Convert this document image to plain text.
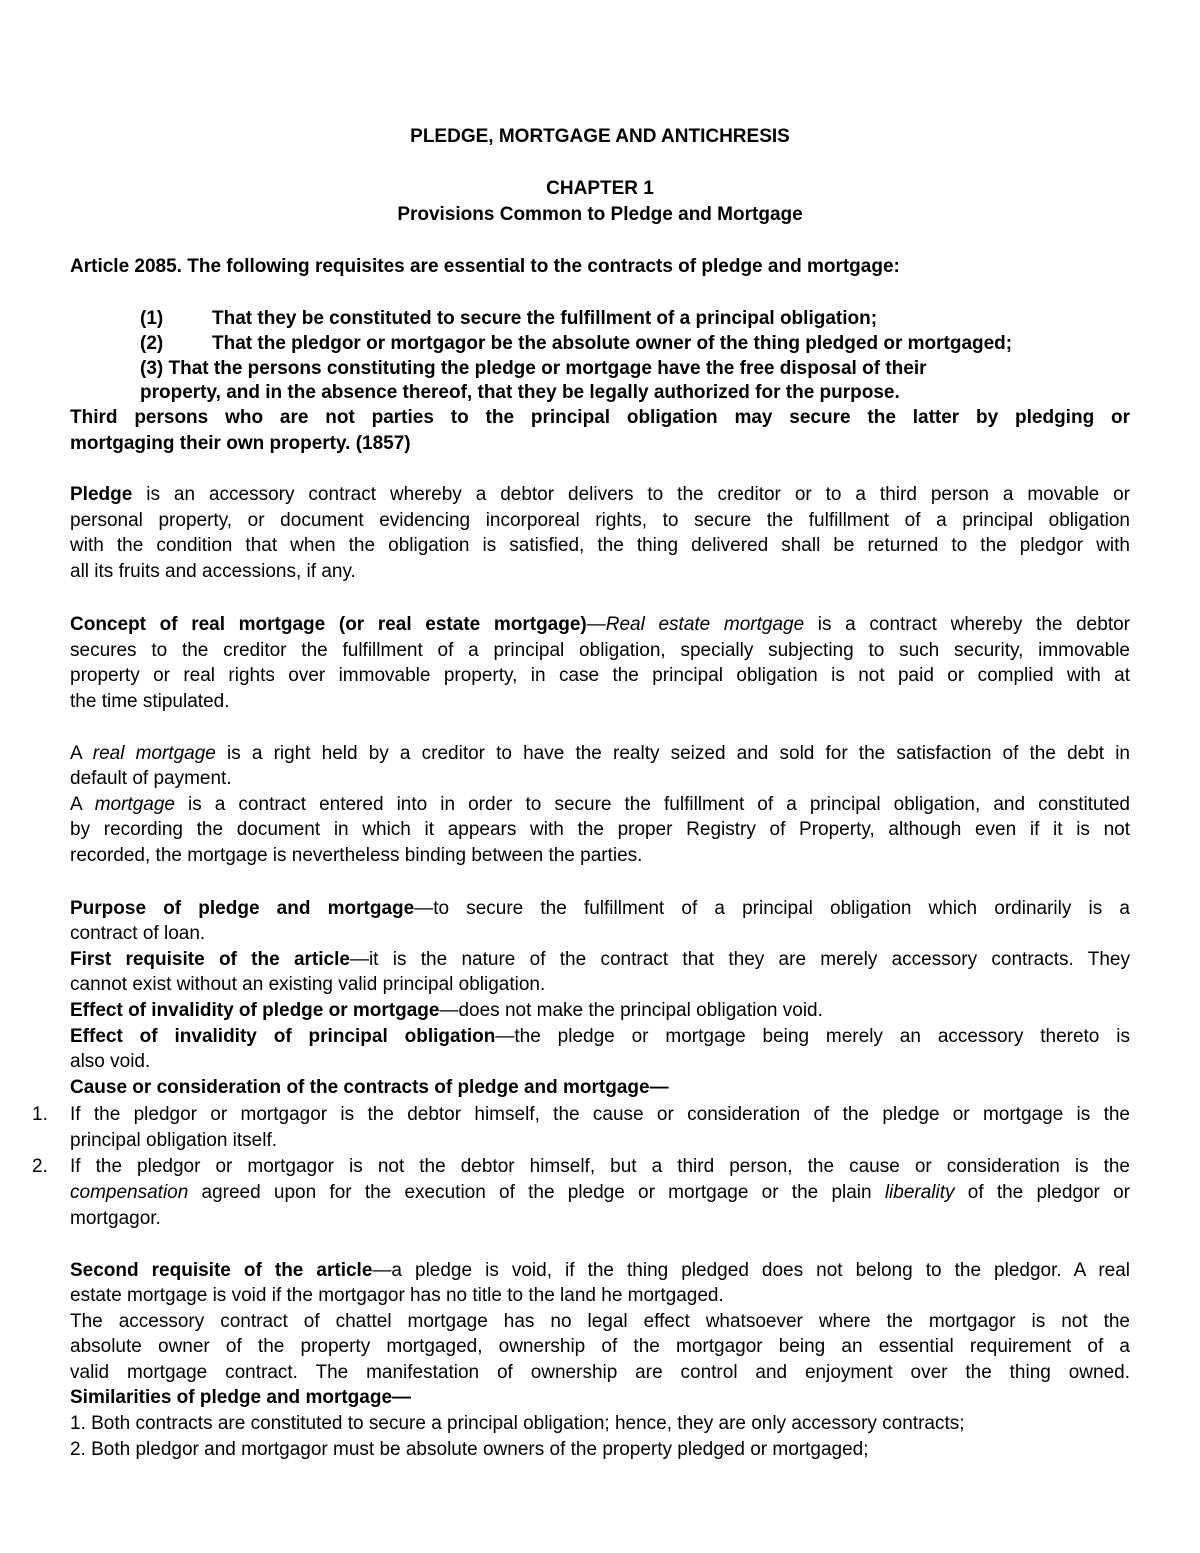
PLEDGE, MORTGAGE AND ANTICHRESIS
CHAPTER 1
Provisions Common to Pledge and Mortgage
Article 2085. The following requisites are essential to the contracts of pledge and mortgage:
(1)	That they be constituted to secure the fulfillment of a principal obligation;
(2)	That the pledgor or mortgagor be the absolute owner of the thing pledged or mortgaged;
(3) That the persons constituting the pledge or mortgage have the free disposal of their
property, and in the absence thereof, that they be legally authorized for the purpose.
Third persons who are not parties to the principal obligation may secure the latter by pledging or
mortgaging their own property. (1857)
Pledge is an accessory contract whereby a debtor delivers to the creditor or to a third person a movable or
personal property, or document evidencing incorporeal rights, to secure the fulfillment of a principal obligation
with the condition that when the obligation is satisfied, the thing delivered shall be returned to the pledgor with
all its fruits and accessions, if any.
Concept of real mortgage (or real estate mortgage)—Real estate mortgage is a contract whereby the debtor
secures to the creditor the fulfillment of a principal obligation, specially subjecting to such security, immovable
property or real rights over immovable property, in case the principal obligation is not paid or complied with at
the time stipulated.
A real mortgage is a right held by a creditor to have the realty seized and sold for the satisfaction of the debt in
default of payment.
A mortgage is a contract entered into in order to secure the fulfillment of a principal obligation, and constituted
by recording the document in which it appears with the proper Registry of Property, although even if it is not
recorded, the mortgage is nevertheless binding between the parties.
Purpose of pledge and mortgage—to secure the fulfillment of a principal obligation which ordinarily is a
contract of loan.
First requisite of the article—it is the nature of the contract that they are merely accessory contracts. They
cannot exist without an existing valid principal obligation.
Effect of invalidity of pledge or mortgage—does not make the principal obligation void.
Effect of invalidity of principal obligation—the pledge or mortgage being merely an accessory thereto is
also void.
Cause or consideration of the contracts of pledge and mortgage—
1. If the pledgor or mortgagor is the debtor himself, the cause or consideration of the pledge or mortgage is the
principal obligation itself.
2. If the pledgor or mortgagor is not the debtor himself, but a third person, the cause or consideration is the
compensation agreed upon for the execution of the pledge or mortgage or the plain liberality of the pledgor or
mortgagor.
Second requisite of the article—a pledge is void, if the thing pledged does not belong to the pledgor. A real
estate mortgage is void if the mortgagor has no title to the land he mortgaged.
The accessory contract of chattel mortgage has no legal effect whatsoever where the mortgagor is not the
absolute owner of the property mortgaged, ownership of the mortgagor being an essential requirement of a
valid mortgage contract. The manifestation of ownership are control and enjoyment over the thing owned.
Similarities of pledge and mortgage—
1. Both contracts are constituted to secure a principal obligation; hence, they are only accessory contracts;
2. Both pledgor and mortgagor must be absolute owners of the property pledged or mortgaged;
